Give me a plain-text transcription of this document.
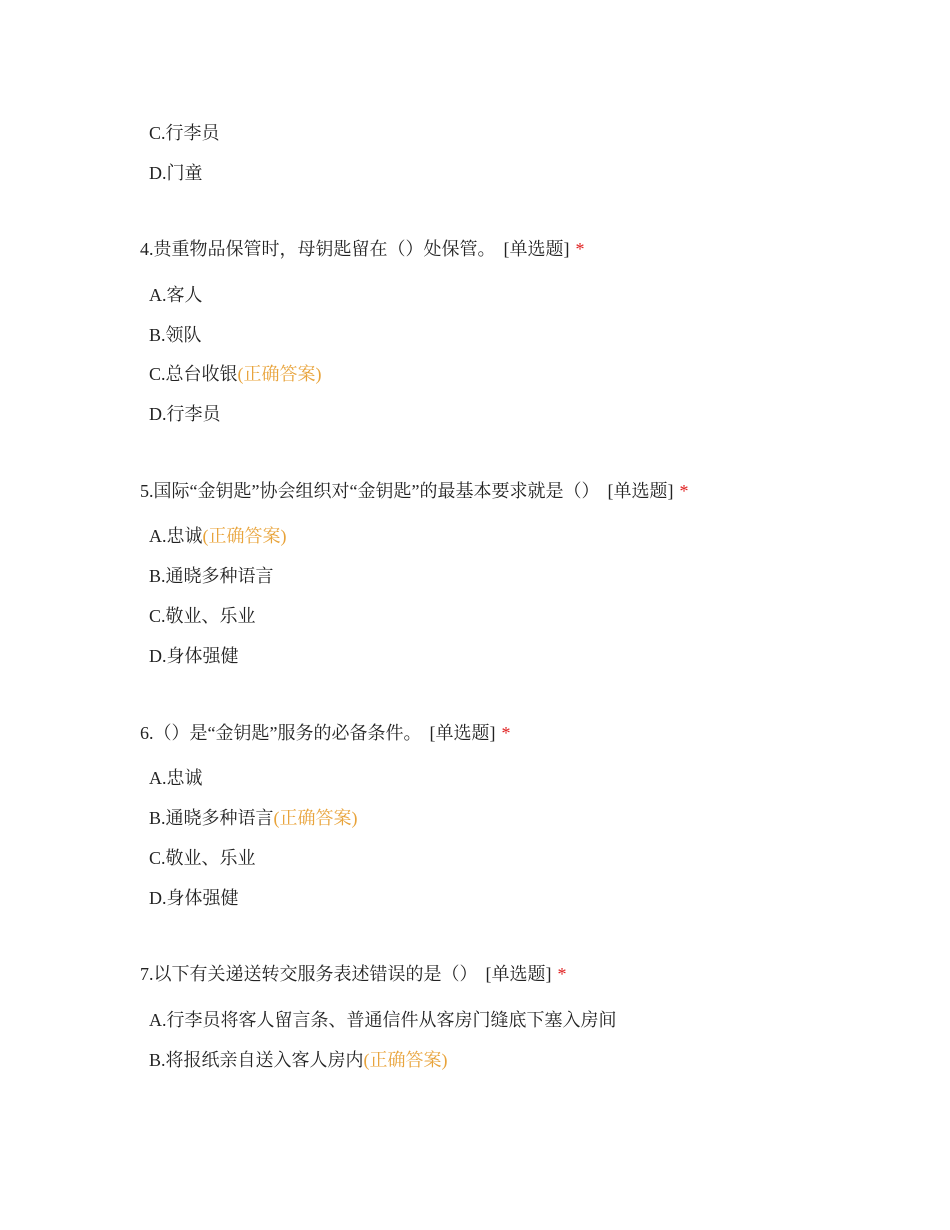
C.行李员
D.门童
4.贵重物品保管时，母钥匙留在（）处保管。 [单选题] *
A.客人
B.领队
C.总台收银(正确答案)
D.行李员
5.国际“金钥匙”协会组织对“金钥匙”的最基本要求就是（） [单选题] *
A.忠诚(正确答案)
B.通晓多种语言
C.敬业、乐业
D.身体强健
6.（）是“金钥匙”服务的必备条件。 [单选题] *
A.忠诚
B.通晓多种语言(正确答案)
C.敬业、乐业
D.身体强健
7.以下有关递送转交服务表述错误的是（） [单选题] *
A.行李员将客人留言条、普通信件从客房门缝底下塞入房间
B.将报纸亲自送入客人房内(正确答案)
